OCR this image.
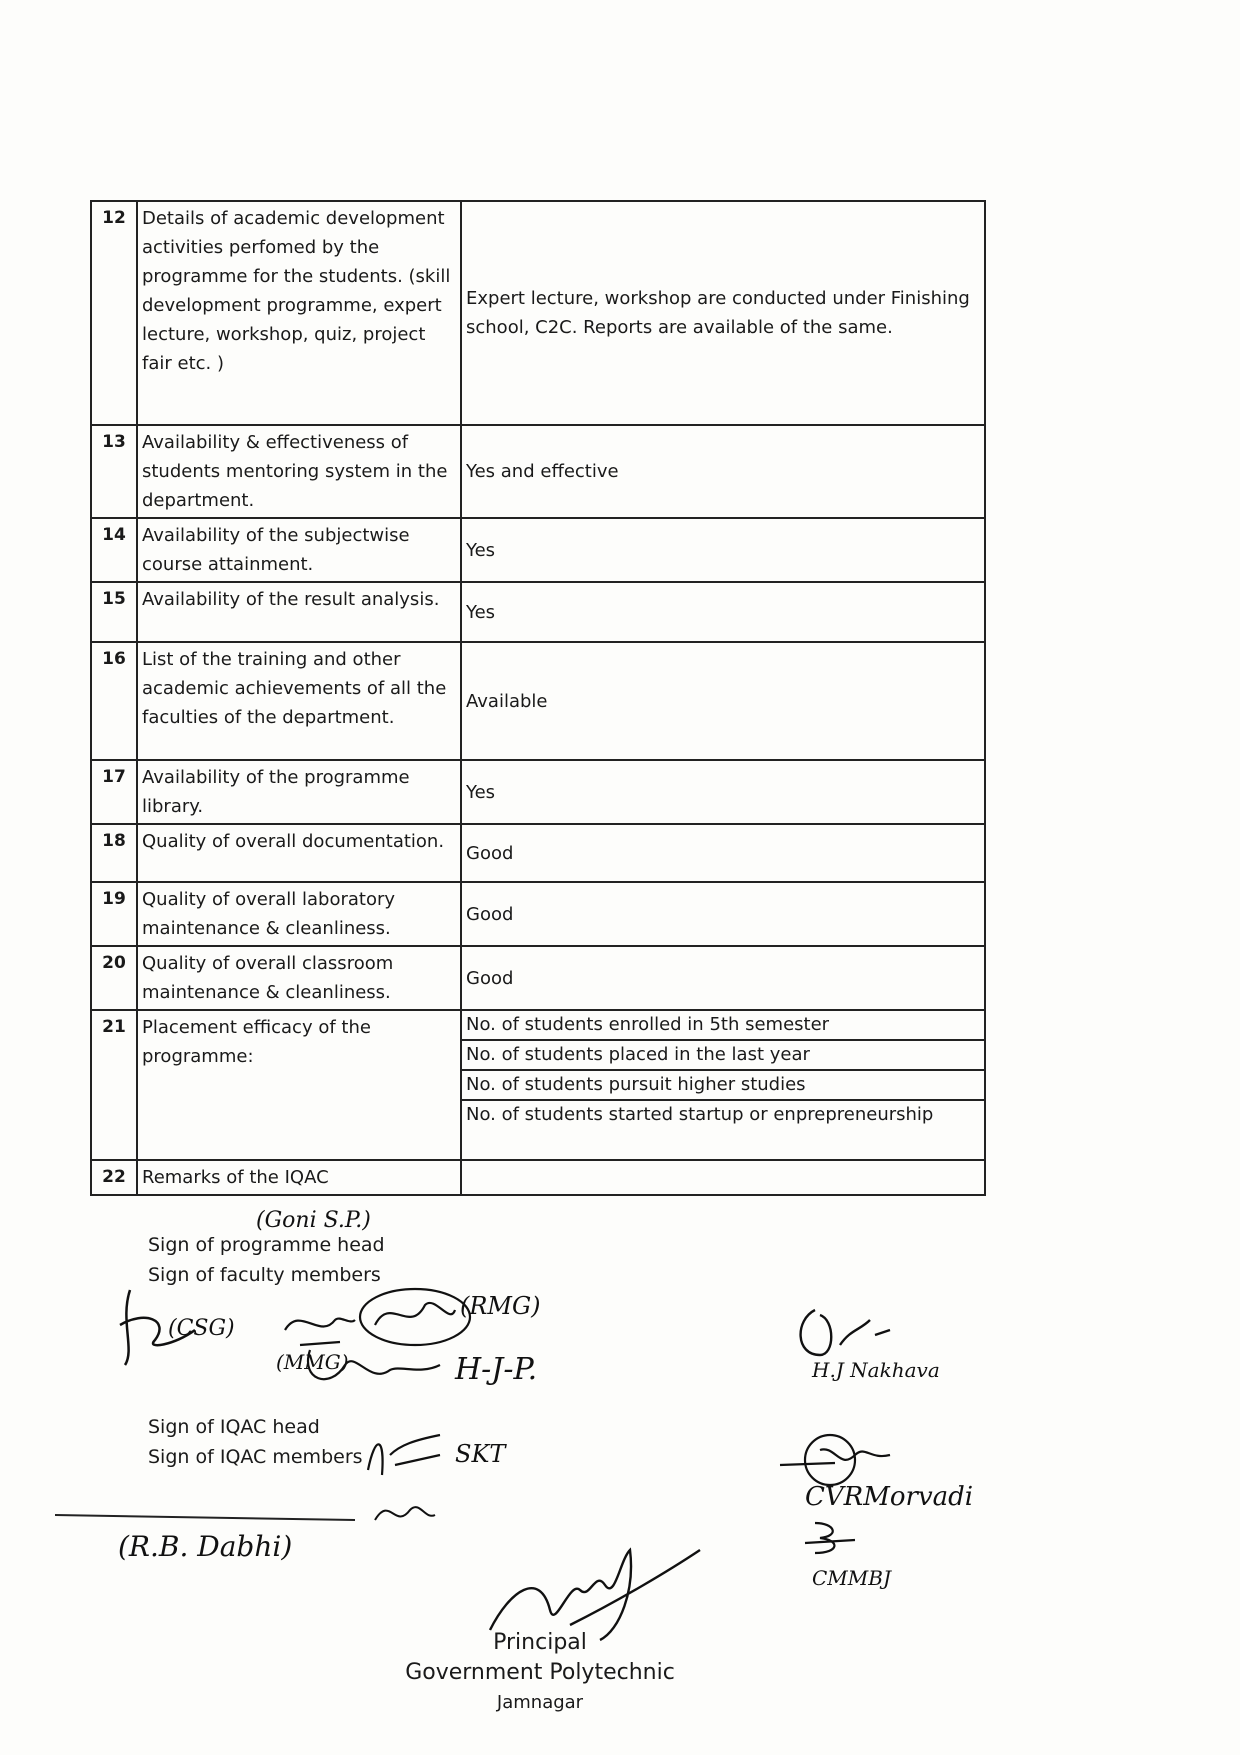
12	Details of academic development activities perfomed by the programme for the students. (skill development programme, expert lecture, workshop, quiz, project fair etc. )	Expert lecture, workshop are conducted under Finishing school, C2C. Reports are available of the same.
13	Availability & effectiveness of students mentoring system in the department.	Yes and effective
14	Availability of the subjectwise course attainment.	Yes
15	Availability of the result analysis.	Yes
16	List of the training and other academic achievements of all the faculties of the department.	Available
17	Availability of the programme library.	Yes
18	Quality of overall documentation.	Good
19	Quality of overall laboratory maintenance & cleanliness.	Good
20	Quality of overall classroom maintenance & cleanliness.	Good
21	Placement efficacy of the programme:	No. of students enrolled in 5th semester
No. of students placed in the last year
No. of students pursuit higher studies
No. of students started startup or enprepreneurship

22	Remarks of the IQAC	
(Goni S.P.)
Sign of programme head
Sign of faculty members
(CSG)
(MMG)
(RMG)
H-J-P.
Sign of IQAC head
Sign of IQAC members	SKT
H.J Nakhava
CVRMorvadi
CMMBJ
(R.B. Dabhi)
Principal
Government Polytechnic
Jamnagar
